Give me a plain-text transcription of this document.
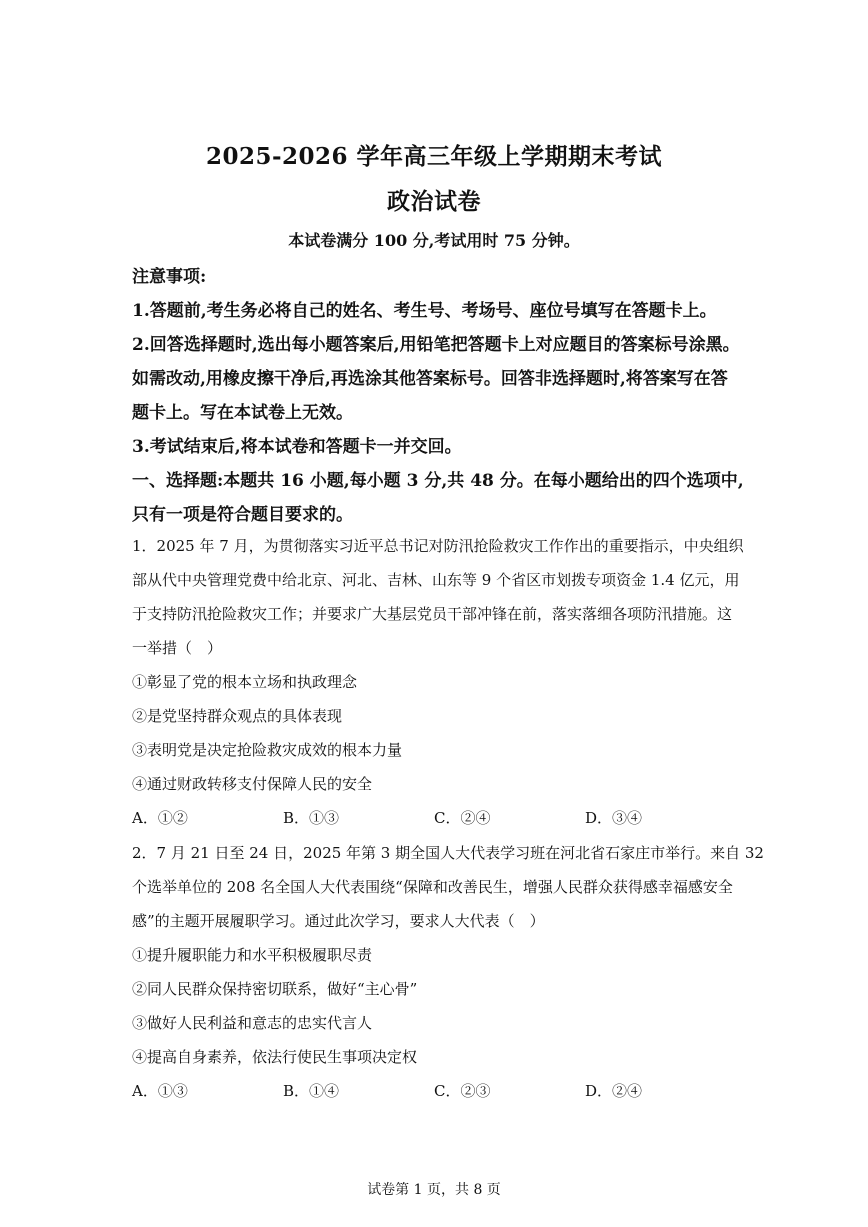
2025-2026 学年高三年级上学期期末考试
政治试卷
本试卷满分 100 分,考试用时 75 分钟。
注意事项:
1.答题前,考生务必将自己的姓名、考生号、考场号、座位号填写在答题卡上。
2.回答选择题时,选出每小题答案后,用铅笔把答题卡上对应题目的答案标号涂黑。
如需改动,用橡皮擦干净后,再选涂其他答案标号。回答非选择题时,将答案写在答
题卡上。写在本试卷上无效。
3.考试结束后,将本试卷和答题卡一并交回。
一、选择题:本题共 16 小题,每小题 3 分,共 48 分。在每小题给出的四个选项中,
只有一项是符合题目要求的。
1．2025 年 7 月，为贯彻落实习近平总书记对防汛抢险救灾工作作出的重要指示，中央组织
部从代中央管理党费中给北京、河北、吉林、山东等 9 个省区市划拨专项资金 1.4 亿元，用
于支持防汛抢险救灾工作；并要求广大基层党员干部冲锋在前，落实落细各项防汛措施。这
一举措（　）
①彰显了党的根本立场和执政理念
②是党坚持群众观点的具体表现
③表明党是决定抢险救灾成效的根本力量
④通过财政转移支付保障人民的安全
A．①②	B．①③	C．②④	D．③④
2．7 月 21 日至 24 日，2025 年第 3 期全国人大代表学习班在河北省石家庄市举行。来自 32
个选举单位的 208 名全国人大代表围绕“保障和改善民生，增强人民群众获得感幸福感安全
感”的主题开展履职学习。通过此次学习，要求人大代表（　）
①提升履职能力和水平积极履职尽责
②同人民群众保持密切联系，做好“主心骨”
③做好人民利益和意志的忠实代言人
④提高自身素养，依法行使民生事项决定权
A．①③	B．①④	C．②③	D．②④
试卷第 1 页，共 8 页
